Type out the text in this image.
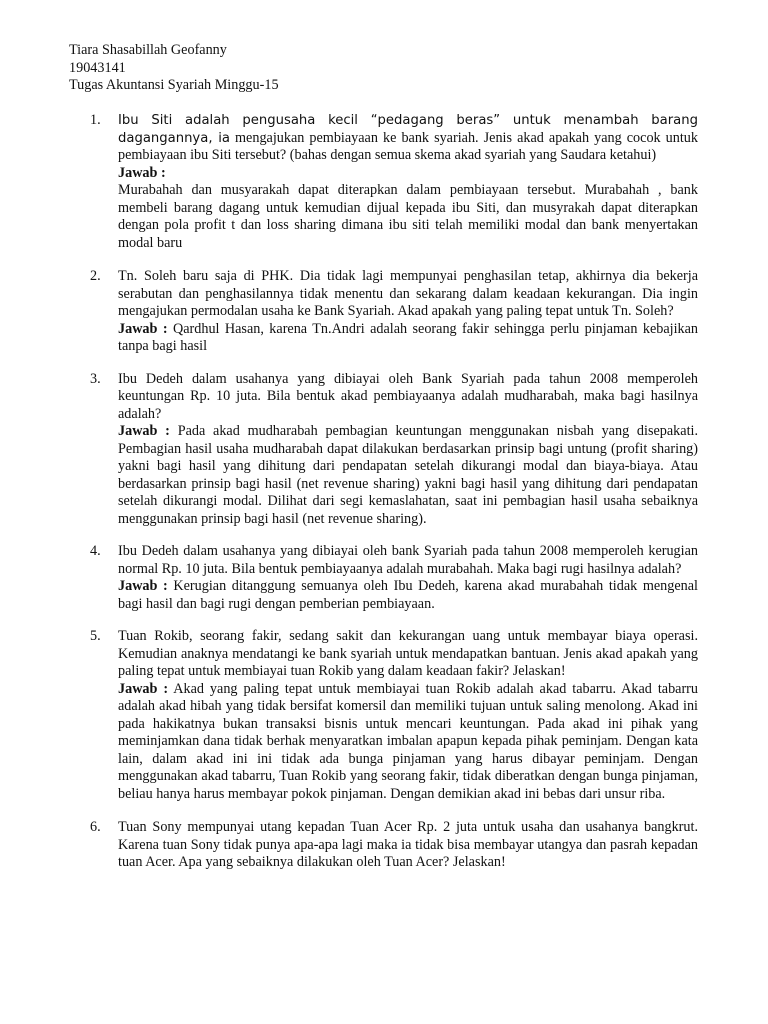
Tiara Shasabillah Geofanny
19043141
Tugas Akuntansi Syariah Minggu-15
1. Ibu Siti adalah pengusaha kecil “pedagang beras” untuk menambah barang dagangannya, ia mengajukan pembiayaan ke bank syariah. Jenis akad apakah yang cocok untuk pembiayaan ibu Siti tersebut? (bahas dengan semua skema akad syariah yang Saudara ketahui)
Jawab :
Murabahah dan musyarakah dapat diterapkan dalam pembiayaan tersebut. Murabahah , bank membeli barang dagang untuk kemudian dijual kepada ibu Siti, dan musyrakah dapat diterapkan dengan pola profit t dan loss sharing dimana ibu siti telah memiliki modal dan bank menyertakan modal baru
2. Tn. Soleh baru saja di PHK. Dia tidak lagi mempunyai penghasilan tetap, akhirnya dia bekerja serabutan dan penghasilannya tidak menentu dan sekarang dalam keadaan kekurangan. Dia ingin mengajukan permodalan usaha ke Bank Syariah. Akad apakah yang paling tepat untuk Tn. Soleh?
Jawab : Qardhul Hasan, karena Tn.Andri adalah seorang fakir sehingga perlu pinjaman kebajikan tanpa bagi hasil
3. Ibu Dedeh dalam usahanya yang dibiayai oleh Bank Syariah pada tahun 2008 memperoleh keuntungan Rp. 10 juta. Bila bentuk akad pembiayaanya adalah mudharabah, maka bagi hasilnya adalah?
Jawab : Pada akad mudharabah pembagian keuntungan menggunakan nisbah yang disepakati. Pembagian hasil usaha mudharabah dapat dilakukan berdasarkan prinsip bagi untung (profit sharing) yakni bagi hasil yang dihitung dari pendapatan setelah dikurangi modal dan biaya-biaya. Atau berdasarkan prinsip bagi hasil (net revenue sharing) yakni bagi hasil yang dihitung dari pendapatan setelah dikurangi modal. Dilihat dari segi kemaslahatan, saat ini pembagian hasil usaha sebaiknya menggunakan prinsip bagi hasil (net revenue sharing).
4. Ibu Dedeh dalam usahanya yang dibiayai oleh bank Syariah pada tahun 2008 memperoleh kerugian normal Rp. 10 juta. Bila bentuk pembiayaanya adalah murabahah. Maka bagi rugi hasilnya adalah?
Jawab : Kerugian ditanggung semuanya oleh Ibu Dedeh, karena akad murabahah tidak mengenal bagi hasil dan bagi rugi dengan pemberian pembiayaan.
5. Tuan Rokib, seorang fakir, sedang sakit dan kekurangan uang untuk membayar biaya operasi. Kemudian anaknya mendatangi ke bank syariah untuk mendapatkan bantuan. Jenis akad apakah yang paling tepat untuk membiayai tuan Rokib yang dalam keadaan fakir? Jelaskan!
Jawab : Akad yang paling tepat untuk membiayai tuan Rokib adalah akad tabarru. Akad tabarru adalah akad hibah yang tidak bersifat komersil dan memiliki tujuan untuk saling menolong. Akad ini pada hakikatnya bukan transaksi bisnis untuk mencari keuntungan. Pada akad ini pihak yang meminjamkan dana tidak berhak menyaratkan imbalan apapun kepada pihak peminjam. Dengan kata lain, dalam akad ini ini tidak ada bunga pinjaman yang harus dibayar peminjam. Dengan menggunakan akad tabarru, Tuan Rokib yang seorang fakir, tidak diberatkan dengan bunga pinjaman, beliau hanya harus membayar pokok pinjaman. Dengan demikian akad ini bebas dari unsur riba.
6. Tuan Sony mempunyai utang kepadan Tuan Acer Rp. 2 juta untuk usaha dan usahanya bangkrut. Karena tuan Sony tidak punya apa-apa lagi maka ia tidak bisa membayar utangya dan pasrah kepadan tuan Acer. Apa yang sebaiknya dilakukan oleh Tuan Acer? Jelaskan!
